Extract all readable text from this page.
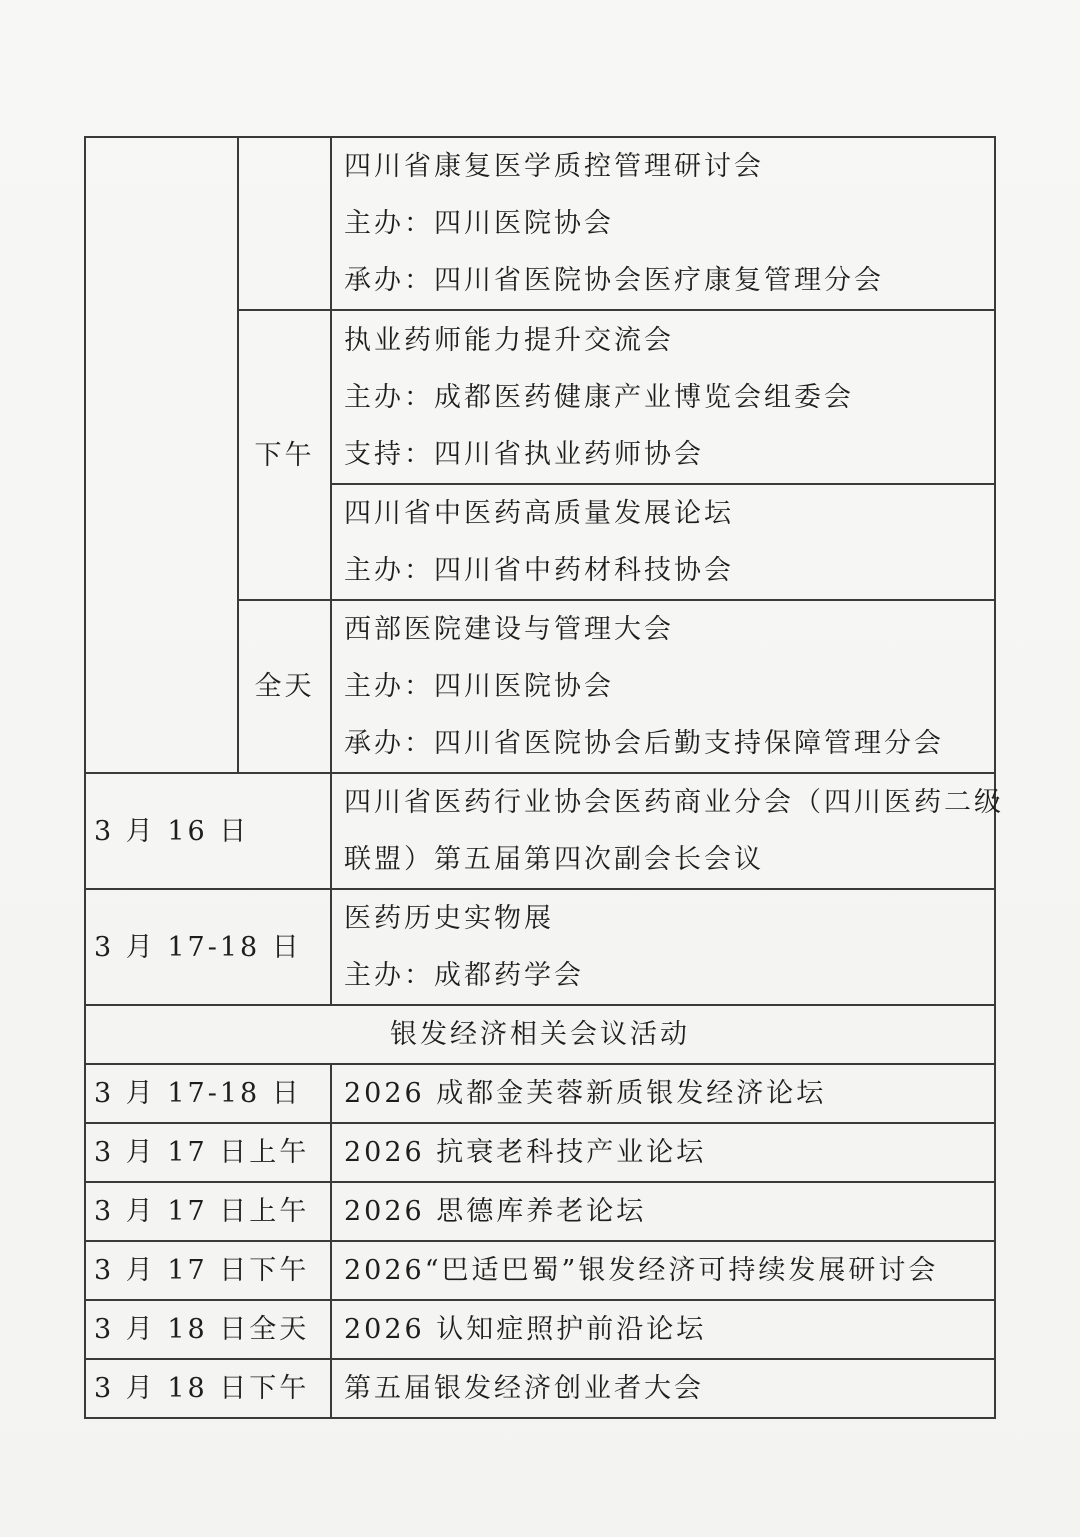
		四川省康复医学质控管理研讨会
主办：四川医院协会
承办：四川省医院协会医疗康复管理分会

	下午	执业药师能力提升交流会
主办：成都医药健康产业博览会组委会
支持：四川省执业药师协会

		四川省中医药高质量发展论坛
主办：四川省中药材科技协会

	全天	西部医院建设与管理大会
主办：四川医院协会
承办：四川省医院协会后勤支持保障管理分会

3 月 16 日		四川省医药行业协会医药商业分会（四川医药二级
联盟）第五届第四次副会长会议

3 月 17-18 日		医药历史实物展
主办：成都药学会

银发经济相关会议活动		
3 月 17-18 日		2026 成都金芙蓉新质银发经济论坛
3 月 17 日上午		2026 抗衰老科技产业论坛
3 月 17 日上午		2026 思德库养老论坛
3 月 17 日下午		2026“巴适巴蜀”银发经济可持续发展研讨会
3 月 18 日全天		2026 认知症照护前沿论坛
3 月 18 日下午		第五届银发经济创业者大会
